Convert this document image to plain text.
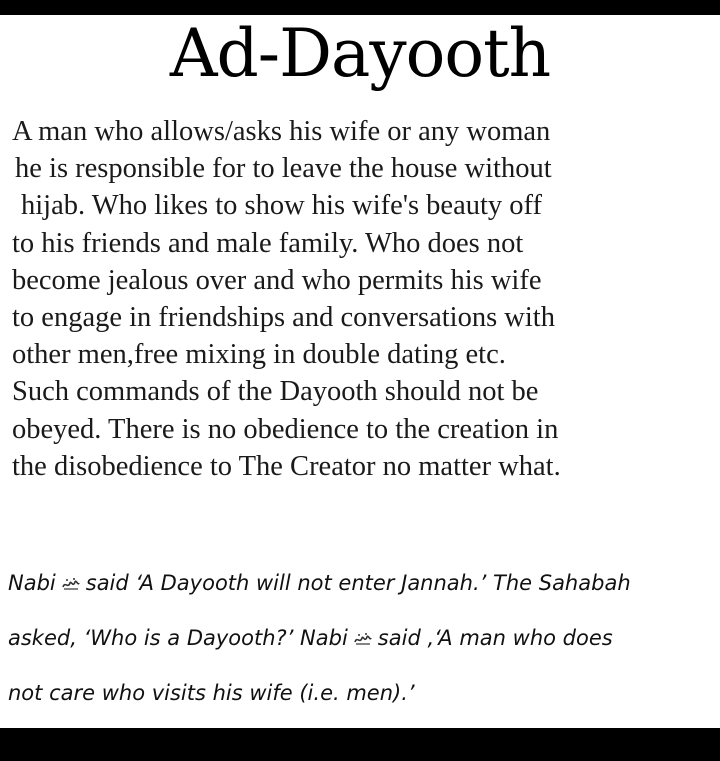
Ad-Dayooth
A man who allows/asks his wife or any woman
he is responsible for to leave the house without
hijab. Who likes to show his wife's beauty off
to his friends and male family. Who does not
become jealous over and who permits his wife
to engage in friendships and conversations with
other men,free mixing in double dating etc.
Such commands of the Dayooth should not be
obeyed. There is no obedience to the creation in
the disobedience to The Creator no matter what.
Nabi said ‘A Dayooth will not enter Jannah.’ The Sahabah
asked, ‘Who is a Dayooth?’ Nabi said ,‘A man who does
not care who visits his wife (i.e. men).’
